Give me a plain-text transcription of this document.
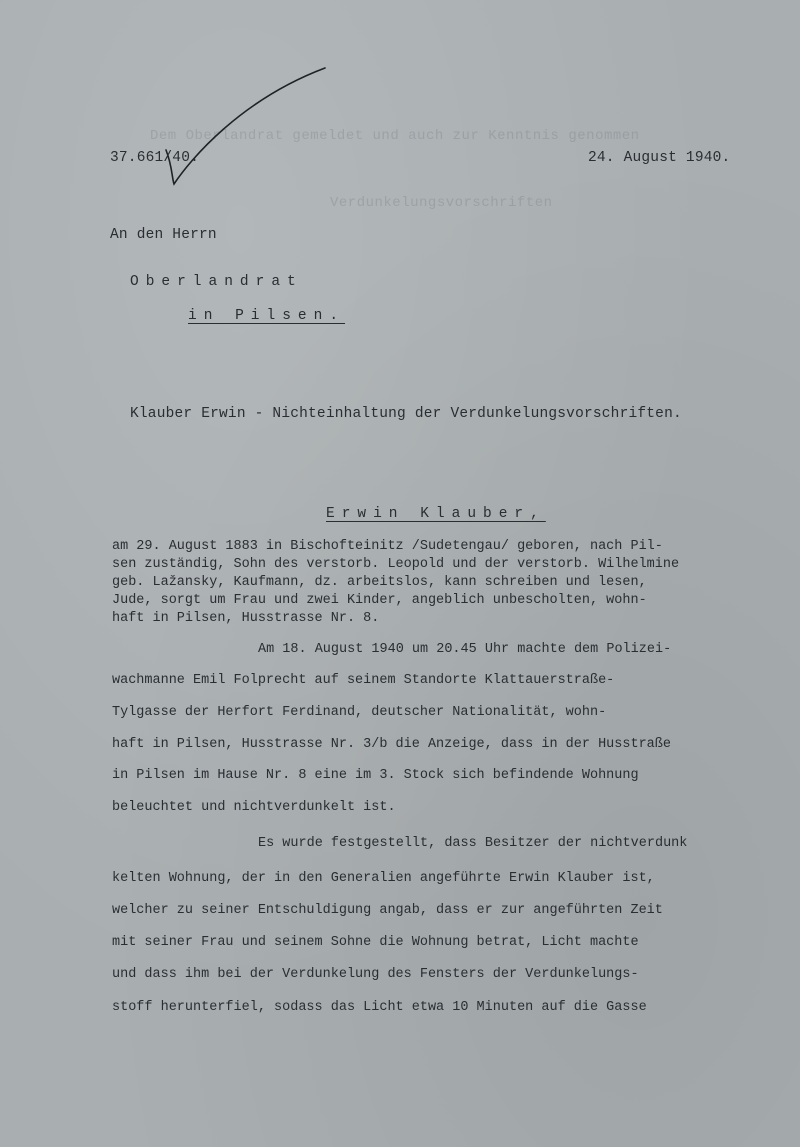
Dem Oberlandrat gemeldet und auch zur Kenntnis genommen
Verdunkelungsvorschriften
37.661/40.	24. August 1940.
An den Herrn
Oberlandrat
in Pilsen.
Klauber Erwin - Nichteinhaltung der Verdunkelungsvorschriften.
Erwin Klauber,
am 29. August 1883 in Bischofteinitz /Sudetengau/ geboren, nach Pil-
sen zuständig, Sohn des verstorb. Leopold und der verstorb. Wilhelmine
geb. Lažansky, Kaufmann, dz. arbeitslos, kann schreiben und lesen,
Jude, sorgt um Frau und zwei Kinder, angeblich unbescholten, wohn-
haft in Pilsen, Husstrasse Nr. 8.
Am 18. August 1940 um 20.45 Uhr machte dem Polizei-
wachmanne Emil Folprecht auf seinem Standorte Klattauerstraße-
Tylgasse der Herfort Ferdinand, deutscher Nationalität, wohn-
haft in Pilsen, Husstrasse Nr. 3/b die Anzeige, dass in der Husstraße
in Pilsen im Hause Nr. 8 eine im 3. Stock sich befindende Wohnung
beleuchtet und nichtverdunkelt ist.
Es wurde festgestellt, dass Besitzer der nichtverdunk
kelten Wohnung, der in den Generalien angeführte Erwin Klauber ist,
welcher zu seiner Entschuldigung angab, dass er zur angeführten Zeit
mit seiner Frau und seinem Sohne die Wohnung betrat, Licht machte
und dass ihm bei der Verdunkelung des Fensters der Verdunkelungs-
stoff herunterfiel, sodass das Licht etwa 10 Minuten auf die Gasse
